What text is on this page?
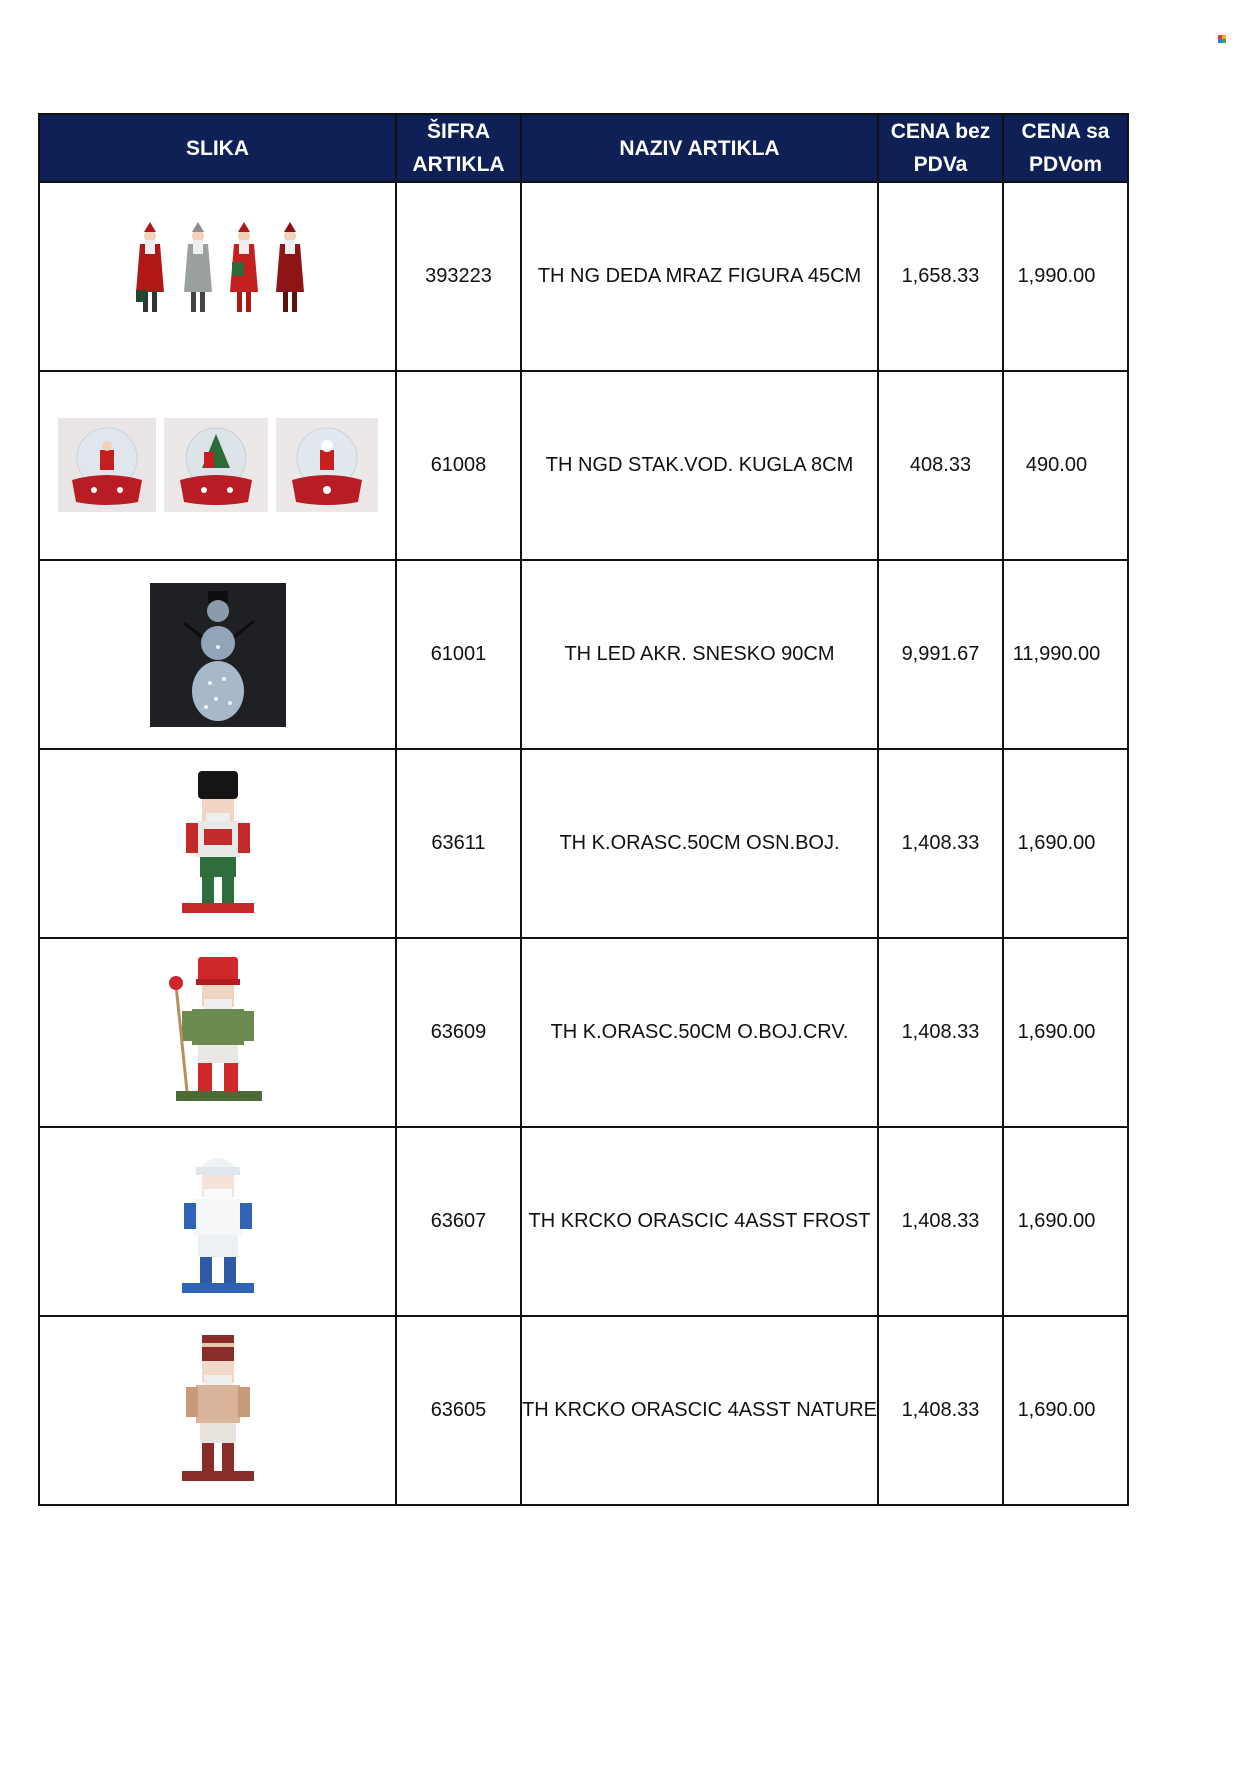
SLIKA	ŠIFRA ARTIKLA	NAZIV ARTIKLA	CENA bez PDVa	CENA sa PDVom

	393223	TH NG DEDA MRAZ FIGURA 45CM	1,658.33	1,990.00

	61008	TH NGD STAK.VOD. KUGLA 8CM	408.33	490.00

	61001	TH LED AKR. SNESKO 90CM	9,991.67	11,990.00

	63611	TH K.ORASC.50CM OSN.BOJ.	1,408.33	1,690.00

	63609	TH K.ORASC.50CM O.BOJ.CRV.	1,408.33	1,690.00

	63607	TH KRCKO ORASCIC 4ASST FROST	1,408.33	1,690.00

	63605	TH KRCKO ORASCIC 4ASST NATURE	1,408.33	1,690.00
